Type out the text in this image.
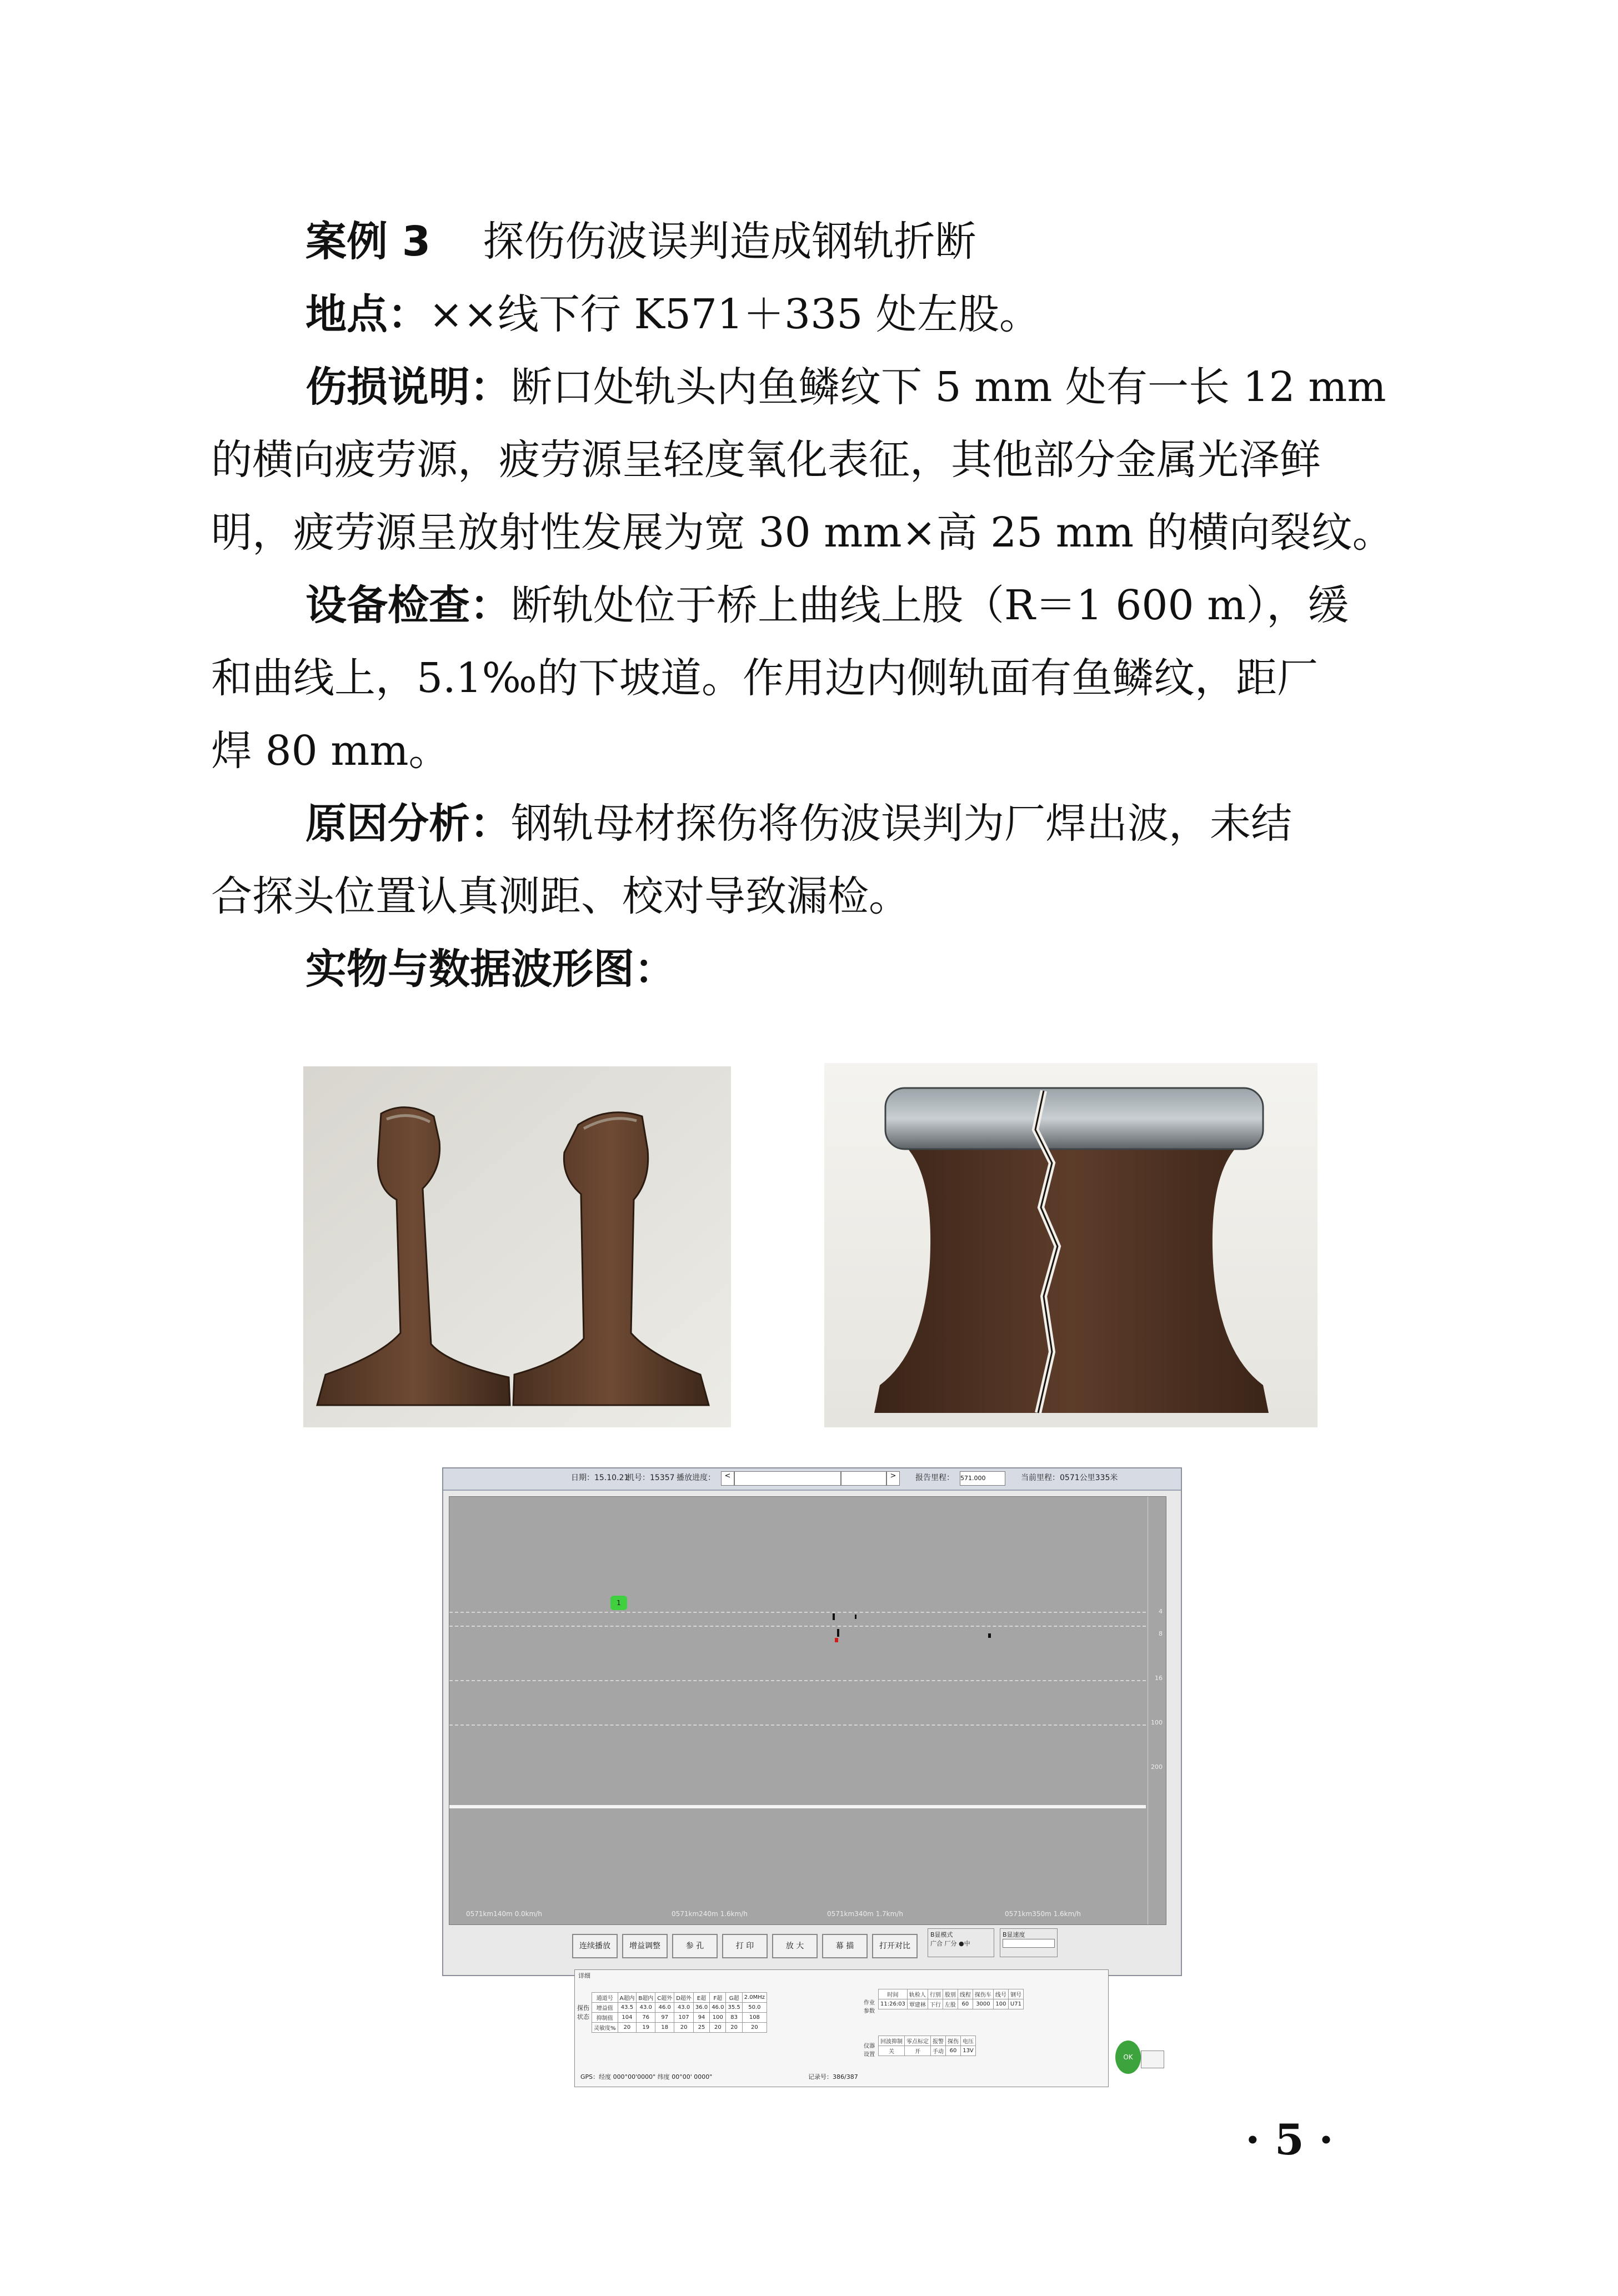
案例 3 探伤伤波误判造成钢轨折断

地点：××线下行 K571＋335 处左股。

伤损说明：断口处轨头内鱼鳞纹下 5 mm 处有一长 12 mm

的横向疲劳源，疲劳源呈轻度氧化表征，其他部分金属光泽鲜

明，疲劳源呈放射性发展为宽 30 mm×高 25 mm 的横向裂纹。

设备检查：断轨处位于桥上曲线上股（R＝1 600 m），缓

和曲线上，5.1‰的下坡道。作用边内侧轨面有鱼鳞纹，距厂

焊 80 mm。

原因分析：钢轨母材探伤将伤波误判为厂焊出波，未结

合探头位置认真测距、校对导致漏检。

实物与数据波形图：

日期：15.10.21
机号：15357 播放进度：	<	>	报告里程： 571.000	当前里程：0571公里335米
4
8
16
100
200
1
0571km140m 0.0km/h	0571km240m 1.6km/h	0571km340m 1.7km/h	0571km350m 1.6km/h
连续播放	增益调整	参 孔	打 印	放 大	幕 描	打开对比
B显模式
广合 厂分 ●中
B显速度
详细
探伤状态
通道号	A超内	B超内	C超外	D超外	E超	F超	G超	2.0MHz
增益值	43.5	43.0	46.0	43.0	36.0	46.0	35.5	50.0
抑制值	104	76	97	107	94	100	83	108
灵敏度%	20	19	18	20	25	20	20	20
作业参数
时间	轨检人	行别	股别	线程	探伤车	线号	钢号
11:26:03	覃建林	下行	左股	60	3000	100	U71
仪器设置
回波抑制	零点标定	报警	探伤	电压
关	开	手动	60	13V
GPS：经度 000°00'0000" 纬度 00°00' 0000"	记录号：386/387
OK
· 5 ·
